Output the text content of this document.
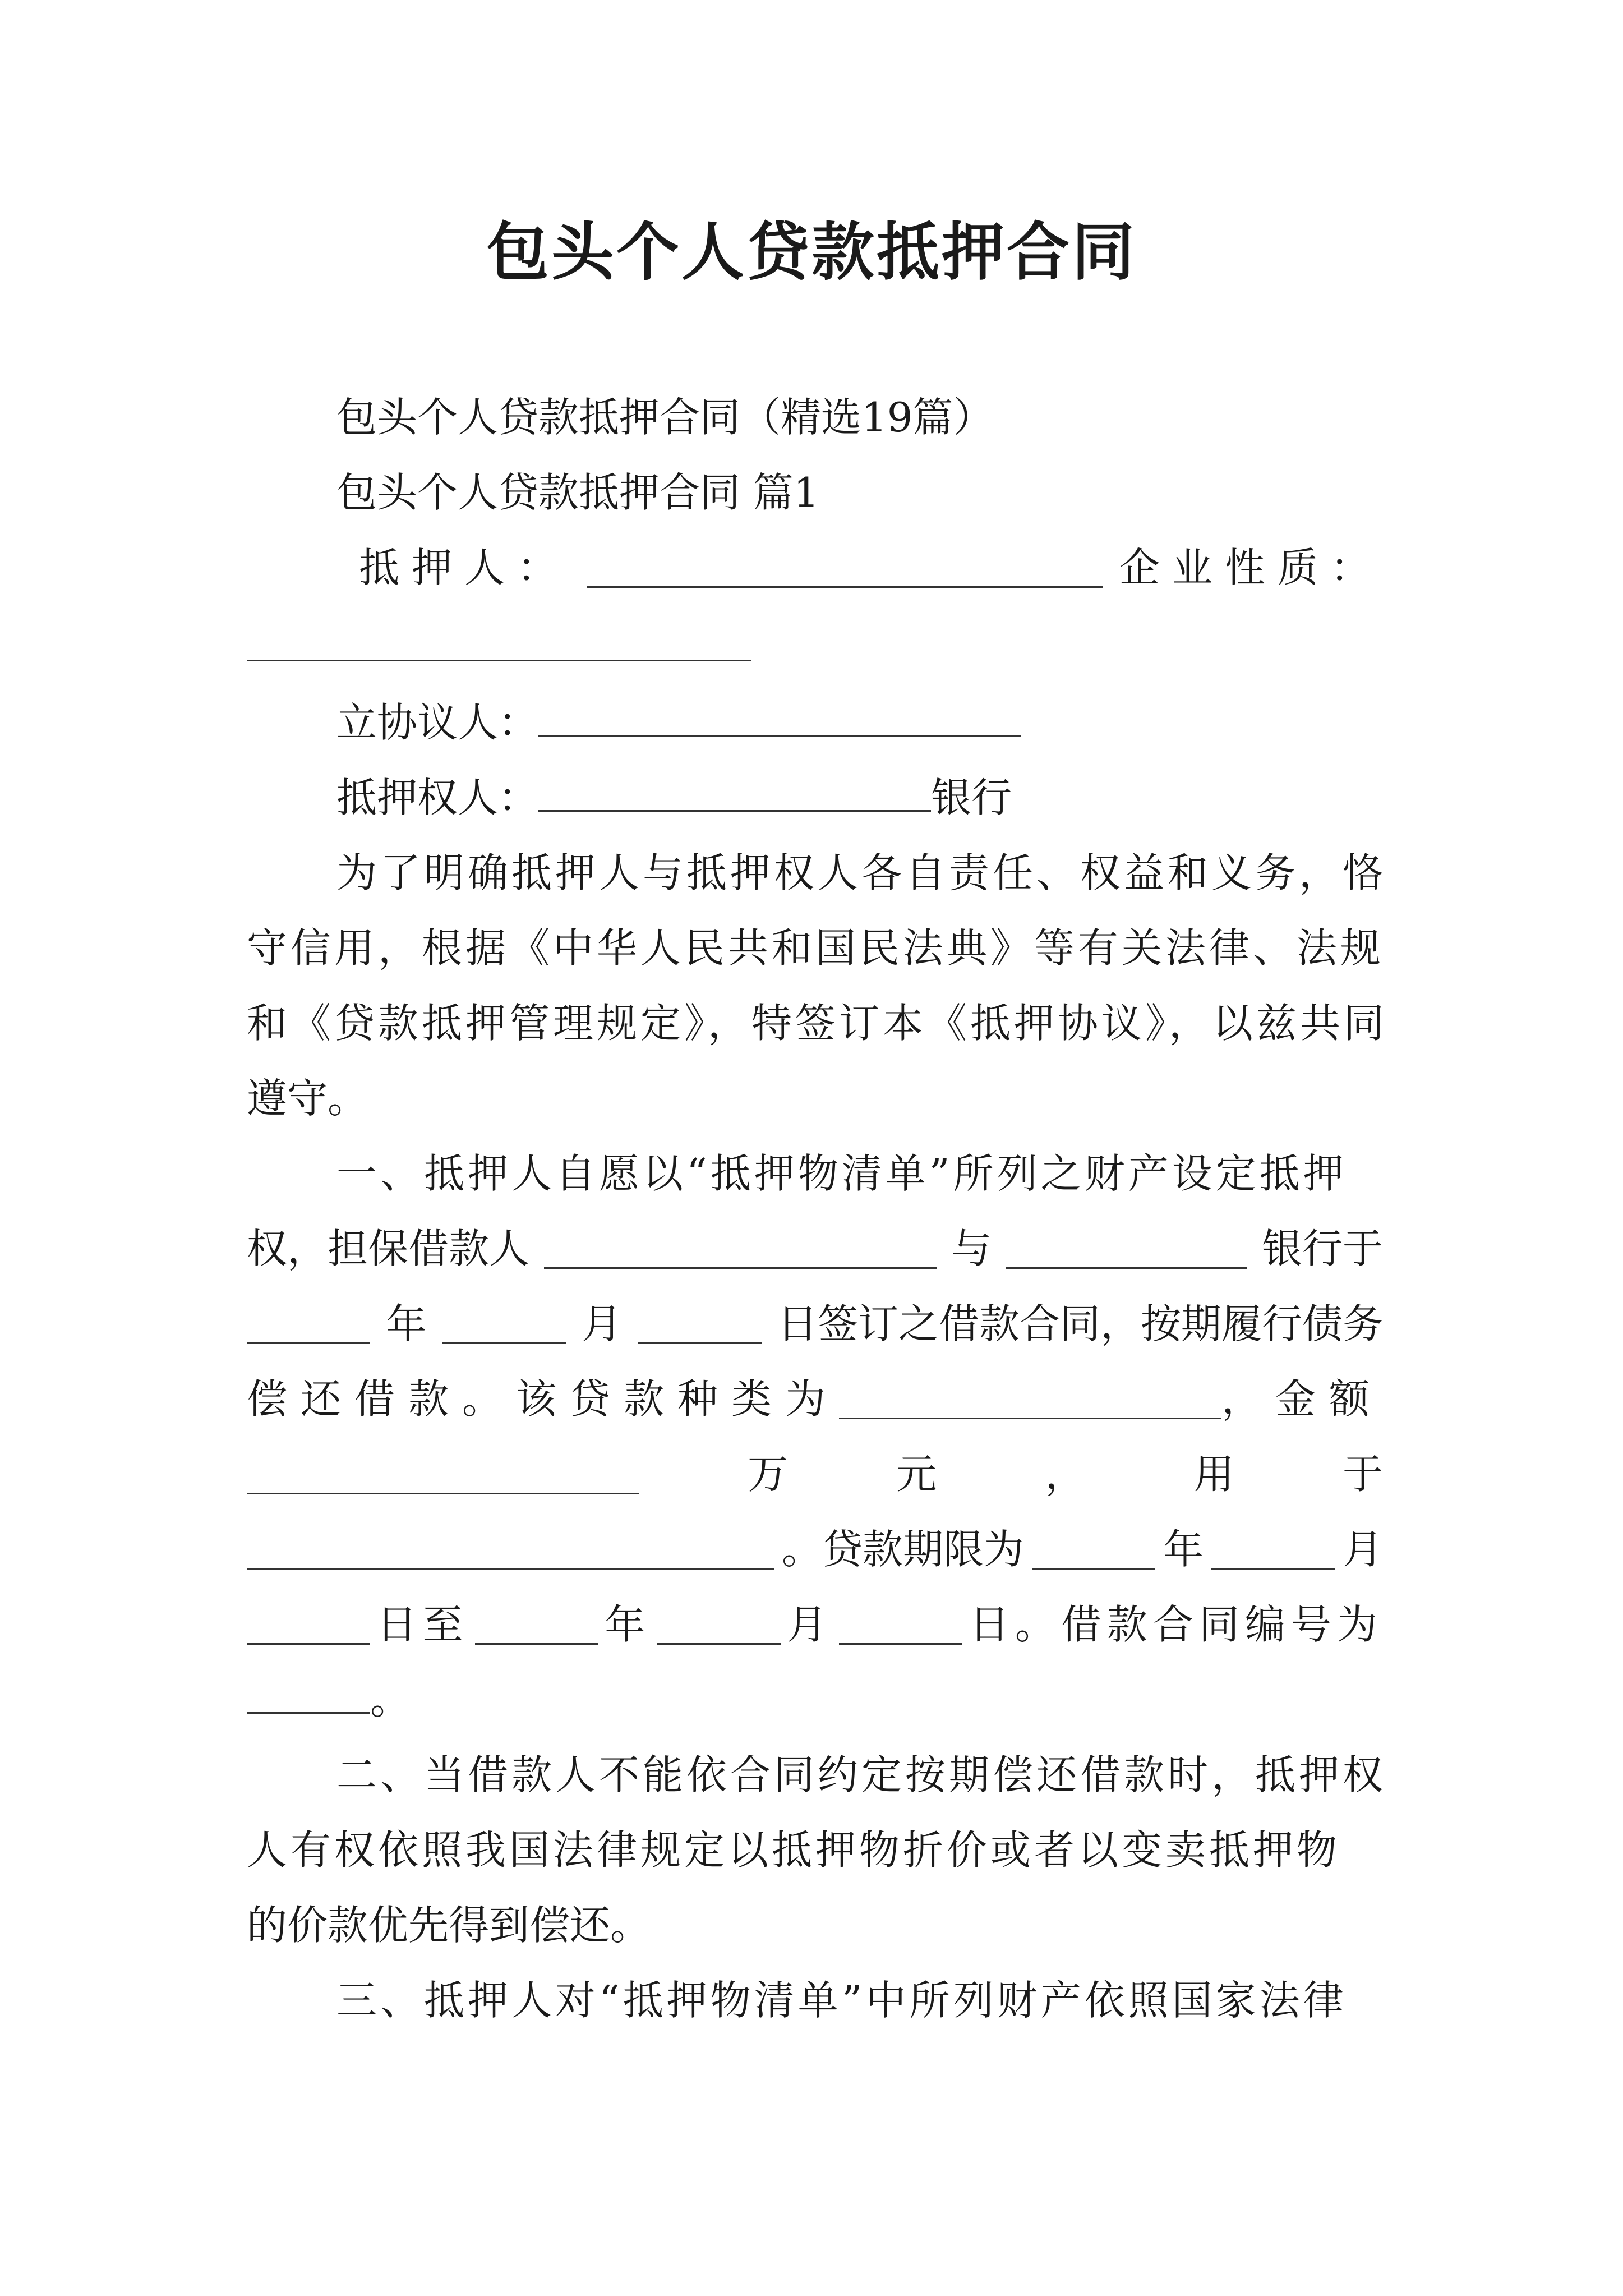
包头个人贷款抵押合同
包头个人贷款抵押合同（精选19篇）
包头个人贷款抵押合同 篇1
抵押人：	企业性质：
立协议人：
抵押权人：	银行
为了明确抵押人与抵押权人各自责任、权益和义务，恪
守信用，根据《中华人民共和国民法典》等有关法律、法规
和《贷款抵押管理规定》，特签订本《抵押协议》，以兹共同
遵守。
一、抵押人自愿以“抵押物清单”所列之财产设定抵押
权，担保借款人	与	银行于
年	月	日签订之借款合同，按期履行债务
偿还借款。该贷款种类为	，金额
万	元	，	用	于
。贷款期限为	年	月
日至	年	月	日。借款合同编号为
。
二、当借款人不能依合同约定按期偿还借款时，抵押权
人有权依照我国法律规定以抵押物折价或者以变卖抵押物
的价款优先得到偿还。
三、抵押人对“抵押物清单”中所列财产依照国家法律
